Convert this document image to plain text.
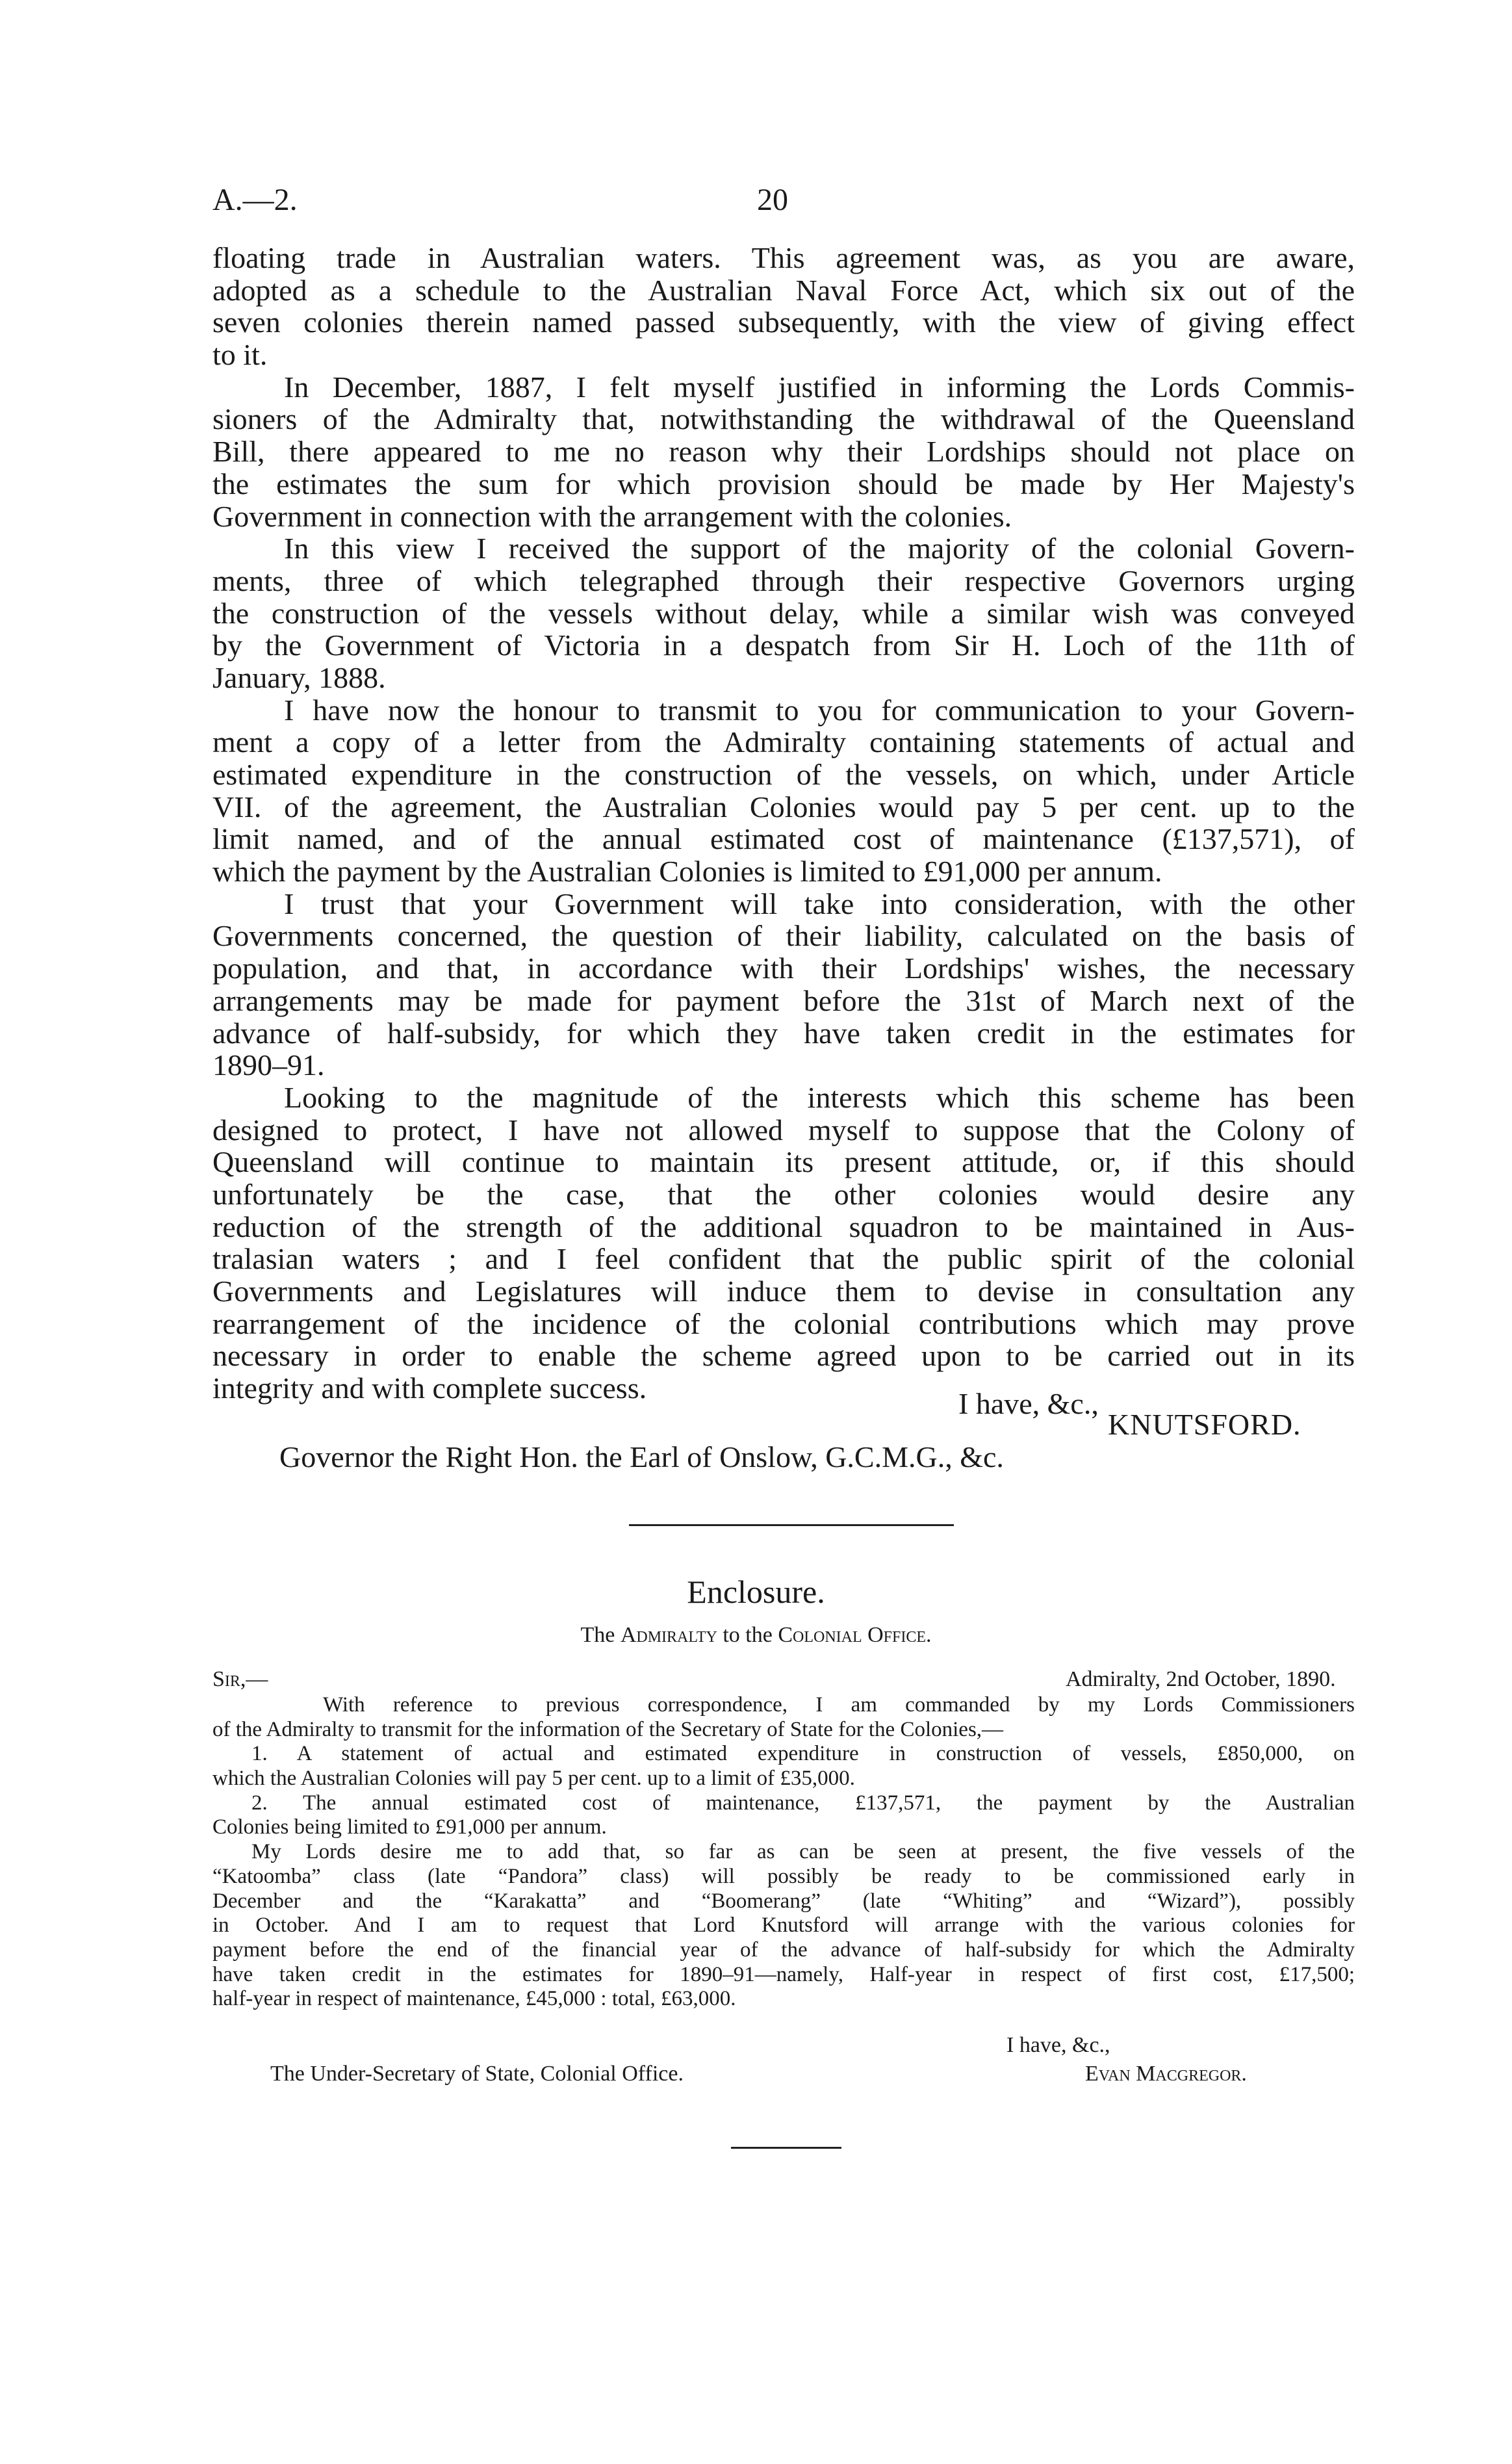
A.—2.	20
floating trade in Australian waters. This agreement was, as you are aware,
adopted as a schedule to the Australian Naval Force Act, which six out of the
seven colonies therein named passed subsequently, with the view of giving effect
to it.
In December, 1887, I felt myself justified in informing the Lords Commis-
sioners of the Admiralty that, notwithstanding the withdrawal of the Queensland
Bill, there appeared to me no reason why their Lordships should not place on
the estimates the sum for which provision should be made by Her Majesty's
Government in connection with the arrangement with the colonies.
In this view I received the support of the majority of the colonial Govern-
ments, three of which telegraphed through their respective Governors urging
the construction of the vessels without delay, while a similar wish was conveyed
by the Government of Victoria in a despatch from Sir H. Loch of the 11th of
January, 1888.
I have now the honour to transmit to you for communication to your Govern-
ment a copy of a letter from the Admiralty containing statements of actual and
estimated expenditure in the construction of the vessels, on which, under Article
VII. of the agreement, the Australian Colonies would pay 5 per cent. up to the
limit named, and of the annual estimated cost of maintenance (£137,571), of
which the payment by the Australian Colonies is limited to £91,000 per annum.
I trust that your Government will take into consideration, with the other
Governments concerned, the question of their liability, calculated on the basis of
population, and that, in accordance with their Lordships' wishes, the necessary
arrangements may be made for payment before the 31st of March next of the
advance of half-subsidy, for which they have taken credit in the estimates for
1890–91.
Looking to the magnitude of the interests which this scheme has been
designed to protect, I have not allowed myself to suppose that the Colony of
Queensland will continue to maintain its present attitude, or, if this should
unfortunately be the case, that the other colonies would desire any
reduction of the strength of the additional squadron to be maintained in Aus-
tralasian waters ; and I feel confident that the public spirit of the colonial
Governments and Legislatures will induce them to devise in consultation any
rearrangement of the incidence of the colonial contributions which may prove
necessary in order to enable the scheme agreed upon to be carried out in its
integrity and with complete success.	I have, &c.,
KNUTSFORD.
Governor the Right Hon. the Earl of Onslow, G.C.M.G., &c.
Enclosure.
The Admiralty to the Colonial Office.
Sir,—	Admiralty, 2nd October, 1890.
With reference to previous correspondence, I am commanded by my Lords Commissioners
of the Admiralty to transmit for the information of the Secretary of State for the Colonies,—
1. A statement of actual and estimated expenditure in construction of vessels, £850,000, on
which the Australian Colonies will pay 5 per cent. up to a limit of £35,000.
2. The annual estimated cost of maintenance, £137,571, the payment by the Australian
Colonies being limited to £91,000 per annum.
My Lords desire me to add that, so far as can be seen at present, the five vessels of the
“Katoomba” class (late “Pandora” class) will possibly be ready to be commissioned early in
December and the “Karakatta” and “Boomerang” (late “Whiting” and “Wizard”), possibly
in October. And I am to request that Lord Knutsford will arrange with the various colonies for
payment before the end of the financial year of the advance of half-subsidy for which the Admiralty
have taken credit in the estimates for 1890–91—namely, Half-year in respect of first cost, £17,500;
half-year in respect of maintenance, £45,000 : total, £63,000.
I have, &c.,
The Under-Secretary of State, Colonial Office.	Evan Macgregor.
